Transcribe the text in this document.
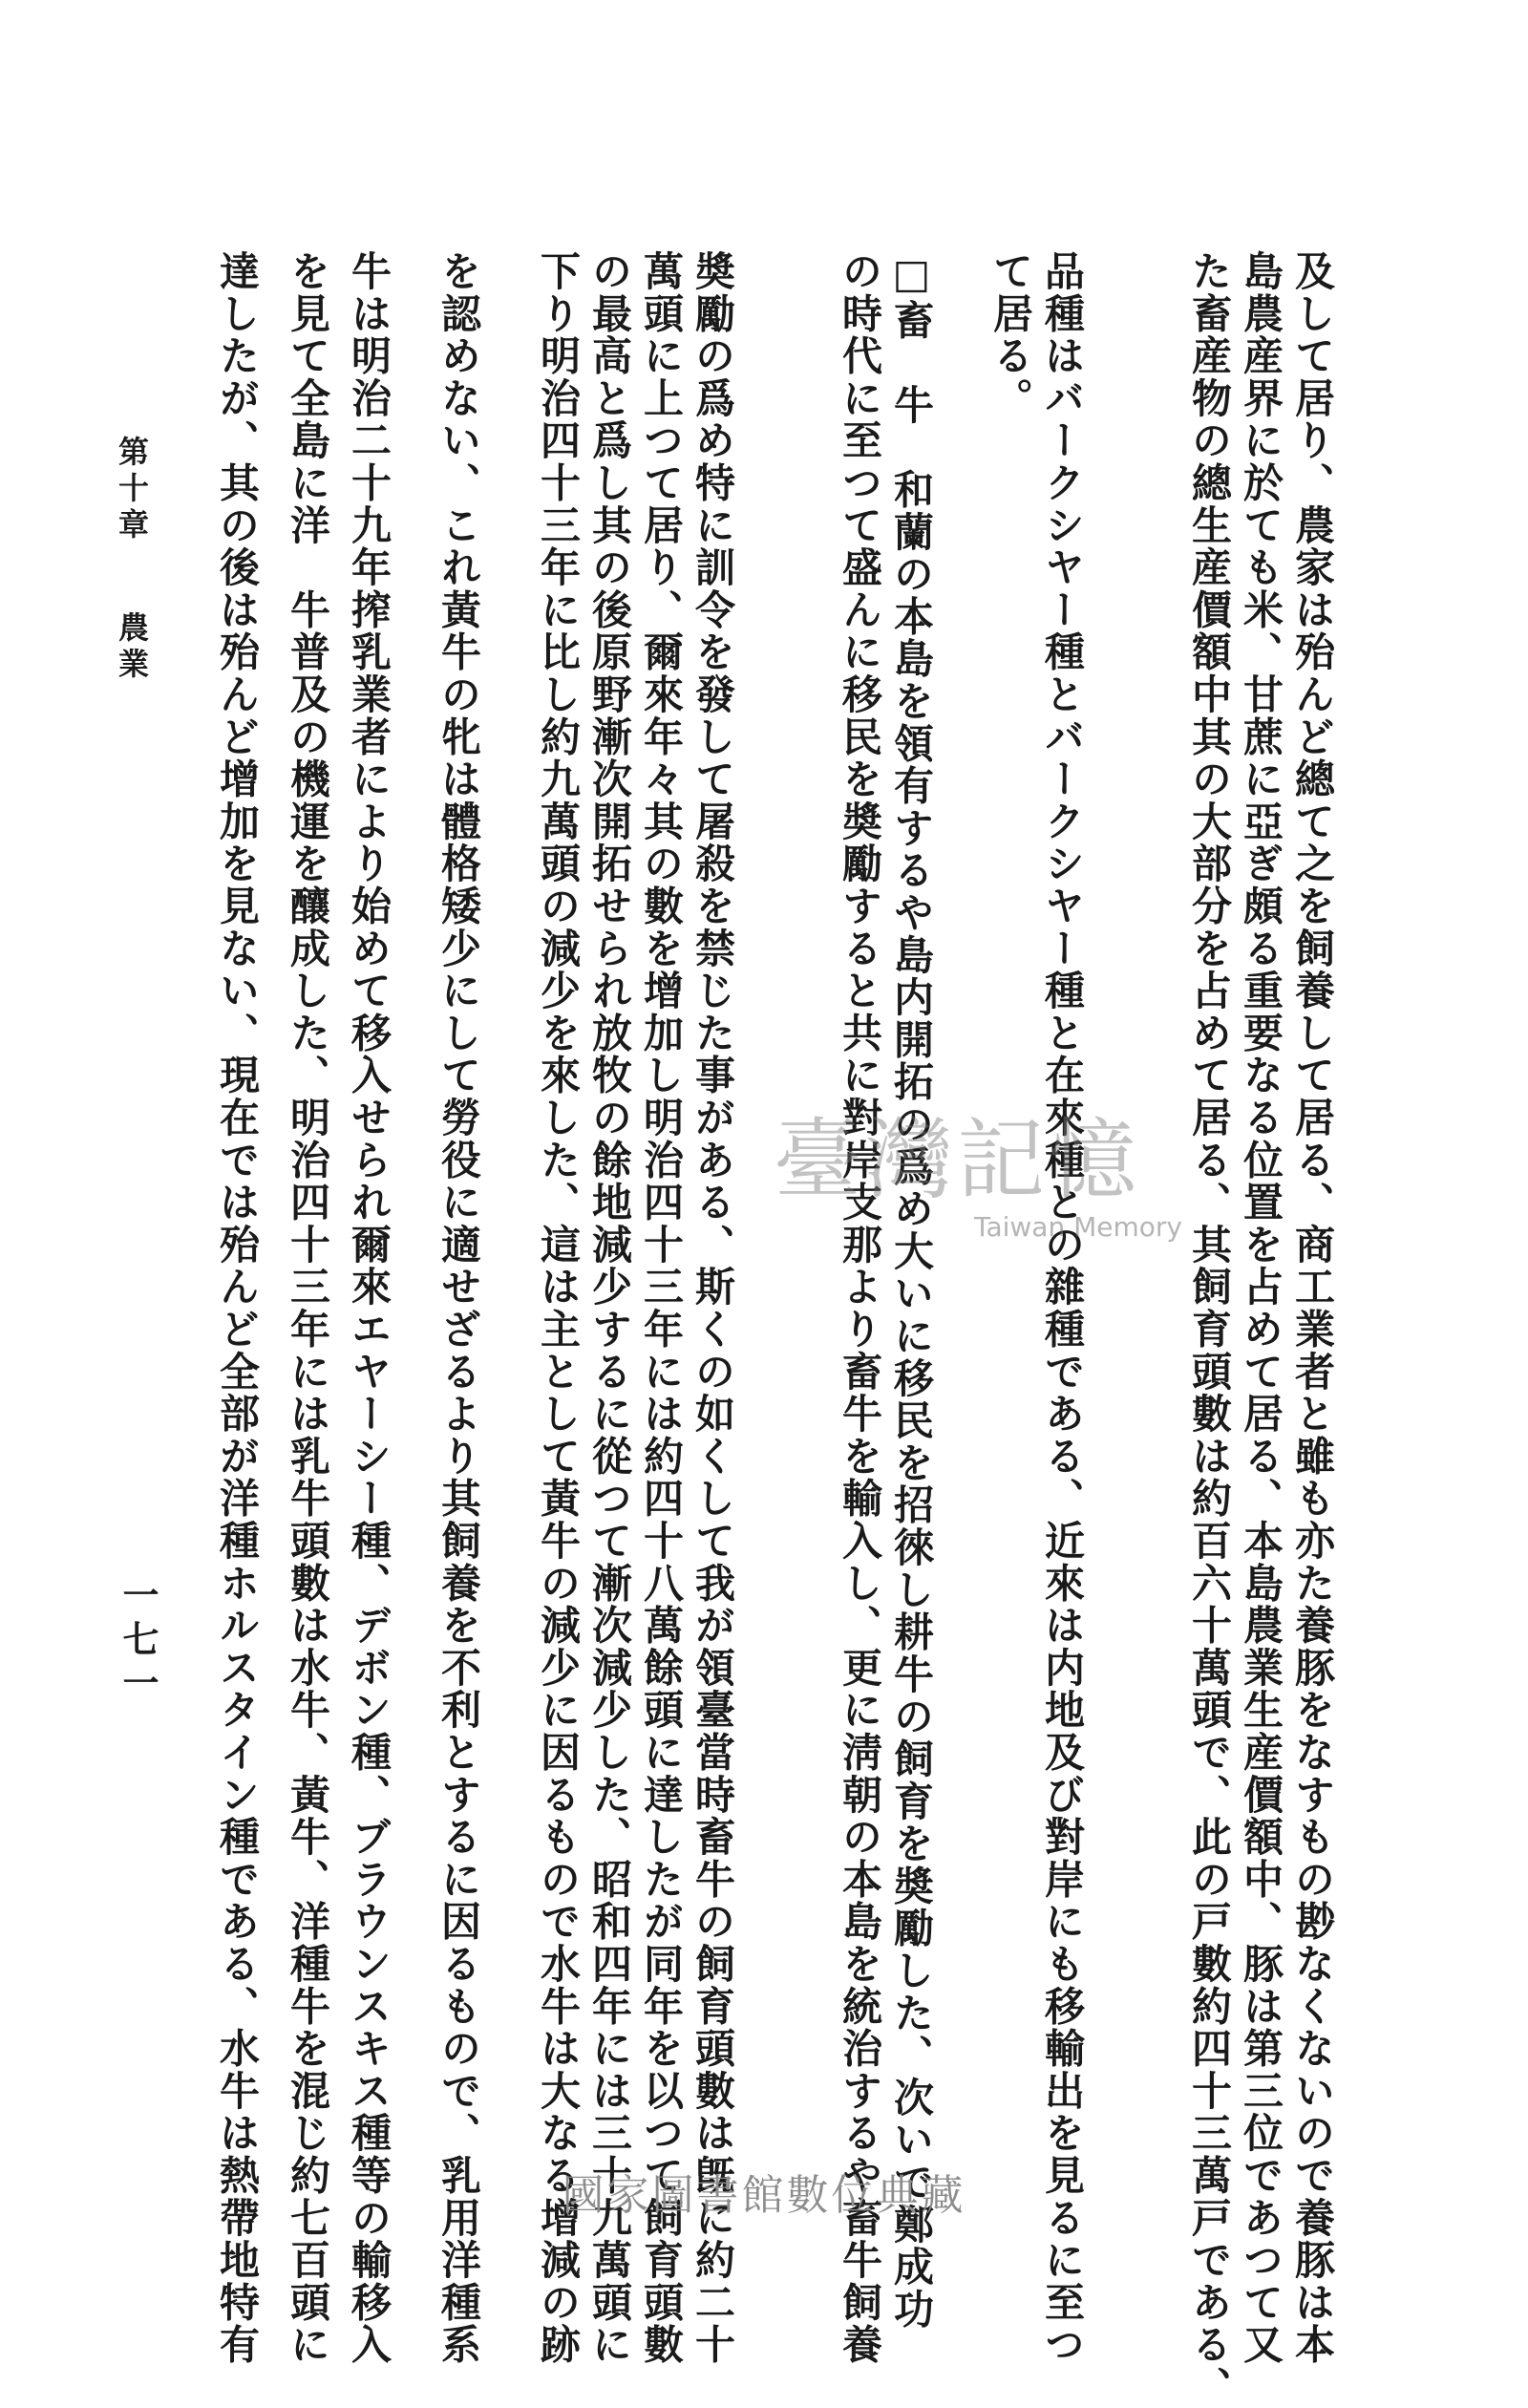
及して居り、農家は殆んど總て之を飼養して居る、商工業者と雖も亦た養豚をなすもの尠なくないので養豚は本
島農産界に於ても米、甘蔗に亞ぎ頗る重要なる位置を占めて居る、本島農業生産價額中、豚は第三位であつて又
た畜産物の總生産價額中其の大部分を占めて居る、其飼育頭數は約百六十萬頭で、此の戸數約四十三萬戸である、
品種はバークシヤー種とバークシヤー種と在來種との雜種である、近來は内地及び對岸にも移輸出を見るに至つ
て居る。
□畜　牛　和蘭の本島を領有するや島内開拓の爲め大いに移民を招徠し耕牛の飼育を奬勵した、次いで鄭成功
の時代に至つて盛んに移民を奬勵すると共に對岸支那より畜牛を輸入し、更に淸朝の本島を統治するや畜牛飼養
奬勵の爲め特に訓令を發して屠殺を禁じた事がある、斯くの如くして我が領臺當時畜牛の飼育頭數は旣に約二十
萬頭に上つて居り、爾來年々其の數を增加し明治四十三年には約四十八萬餘頭に達したが同年を以つて飼育頭數
の最高と爲し其の後原野漸次開拓せられ放牧の餘地減少するに從つて漸次減少した、昭和四年には三十九萬頭に
下り明治四十三年に比し約九萬頭の減少を來した、這は主として黃牛の減少に因るもので水牛は大なる增減の跡
を認めない、これ黃牛の牝は體格矮少にして勞役に適せざるより其飼養を不利とするに因るもので、乳用洋種系
牛は明治二十九年搾乳業者により始めて移入せられ爾來エヤーシー種、デボン種、ブラウンスキス種等の輸移入
を見て全島に洋　牛普及の機運を釀成した、明治四十三年には乳牛頭數は水牛、黃牛、洋種牛を混じ約七百頭に
達したが、其の後は殆んど增加を見ない、現在では殆んど全部が洋種ホルスタイン種である、水牛は熱帶地特有
第十章農業
一七一
臺灣記憶
Taiwan Memory
國家圖書館數位典藏
